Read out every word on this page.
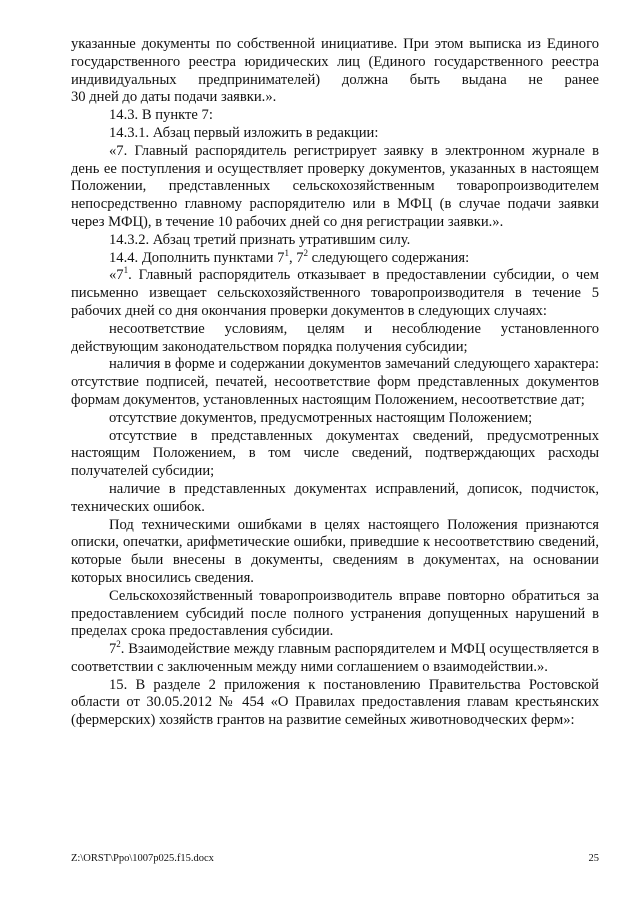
указанные документы по собственной инициативе. При этом выписка из Единого
государственного реестра юридических лиц (Единого государственного реестра
индивидуальных предпринимателей) должна быть выдана не ранее
30 дней до даты подачи заявки.».

14.3. В пункте 7:

14.3.1. Абзац первый изложить в редакции:

«7. Главный распорядитель регистрирует заявку в электронном журнале в день ее поступления и осуществляет проверку документов, указанных в настоящем Положении, представленных сельскохозяйственным товаропроизводителем непосредственно главному распорядителю или в МФЦ (в случае подачи заявки через МФЦ), в течение 10 рабочих дней со дня регистрации заявки.».

14.3.2. Абзац третий признать утратившим силу.

14.4. Дополнить пунктами $7^1$, $7^2$ следующего содержания:

«$7^1$. Главный распорядитель отказывает в предоставлении субсидии, о чем письменно извещает сельскохозяйственного товаропроизводителя в течение 5 рабочих дней со дня окончания проверки документов в следующих случаях:

несоответствие условиям, целям и несоблюдение установленного действующим законодательством порядка получения субсидии;

наличия в форме и содержании документов замечаний следующего характера: отсутствие подписей, печатей, несоответствие форм представленных документов формам документов, установленных настоящим Положением, несоответствие дат;

отсутствие документов, предусмотренных настоящим Положением;

отсутствие в представленных документах сведений, предусмотренных настоящим Положением, в том числе сведений, подтверждающих расходы получателей субсидии;

наличие в представленных документах исправлений, дописок, подчисток, технических ошибок.

Под техническими ошибками в целях настоящего Положения признаются описки, опечатки, арифметические ошибки, приведшие к несоответствию сведений, которые были внесены в документы, сведениям в документах, на основании которых вносились сведения.

Сельскохозяйственный товаропроизводитель вправе повторно обратиться за предоставлением субсидий после полного устранения допущенных нарушений в пределах срока предоставления субсидии.

$7^2$. Взаимодействие между главным распорядителем и МФЦ осуществляется в соответствии с заключенным между ними соглашением о взаимодействии.».

15. В разделе 2 приложения к постановлению Правительства Ростовской области от 30.05.2012 № 454 «О Правилах предоставления главам крестьянских (фермерских) хозяйств грантов на развитие семейных животноводческих ферм»:

Z:\ORST\Ppo\1007p025.f15.docx	25
